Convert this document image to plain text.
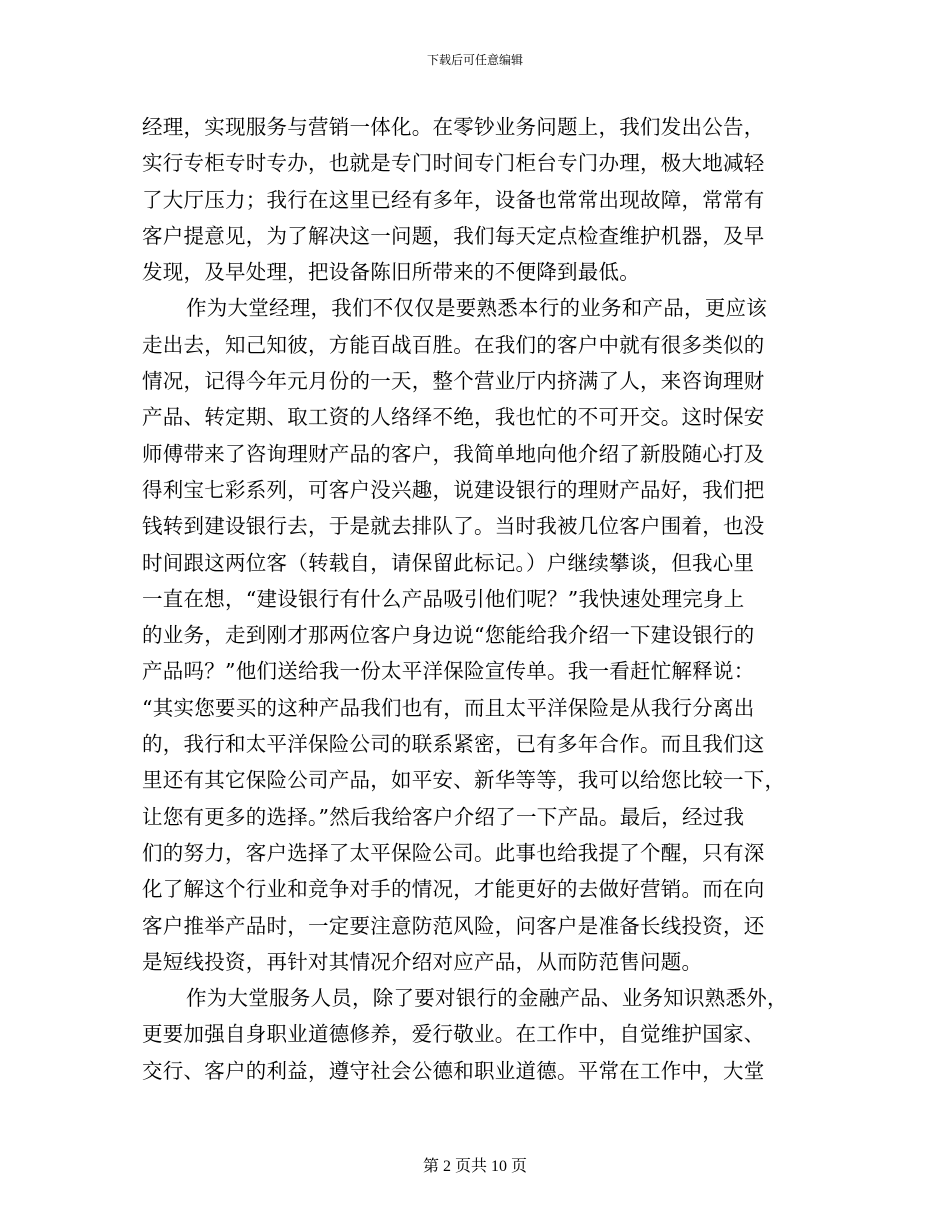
下载后可任意编辑
经理，实现服务与营销一体化。在零钞业务问题上，我们发出公告，
实行专柜专时专办，也就是专门时间专门柜台专门办理，极大地减轻
了大厅压力；我行在这里已经有多年，设备也常常出现故障，常常有
客户提意见，为了解决这一问题，我们每天定点检查维护机器，及早
发现，及早处理，把设备陈旧所带来的不便降到最低。
作为大堂经理，我们不仅仅是要熟悉本行的业务和产品，更应该
走出去，知己知彼，方能百战百胜。在我们的客户中就有很多类似的
情况，记得今年元月份的一天，整个营业厅内挤满了人，来咨询理财
产品、转定期、取工资的人络绎不绝，我也忙的不可开交。这时保安
师傅带来了咨询理财产品的客户，我简单地向他介绍了新股随心打及
得利宝七彩系列，可客户没兴趣，说建设银行的理财产品好，我们把
钱转到建设银行去，于是就去排队了。当时我被几位客户围着，也没
时间跟这两位客（转载自，请保留此标记。）户继续攀谈，但我心里
一直在想，“建设银行有什么产品吸引他们呢？”我快速处理完身上
的业务，走到刚才那两位客户身边说“您能给我介绍一下建设银行的
产品吗？”他们送给我一份太平洋保险宣传单。我一看赶忙解释说：
“其实您要买的这种产品我们也有，而且太平洋保险是从我行分离出
的，我行和太平洋保险公司的联系紧密，已有多年合作。而且我们这
里还有其它保险公司产品，如平安、新华等等，我可以给您比较一下，
让您有更多的选择。”然后我给客户介绍了一下产品。最后，经过我
们的努力，客户选择了太平保险公司。此事也给我提了个醒，只有深
化了解这个行业和竞争对手的情况，才能更好的去做好营销。而在向
客户推举产品时，一定要注意防范风险，问客户是准备长线投资，还
是短线投资，再针对其情况介绍对应产品，从而防范售问题。
作为大堂服务人员，除了要对银行的金融产品、业务知识熟悉外，
更要加强自身职业道德修养，爱行敬业。在工作中，自觉维护国家、
交行、客户的利益，遵守社会公德和职业道德。平常在工作中，大堂
第 2 页共 10 页
